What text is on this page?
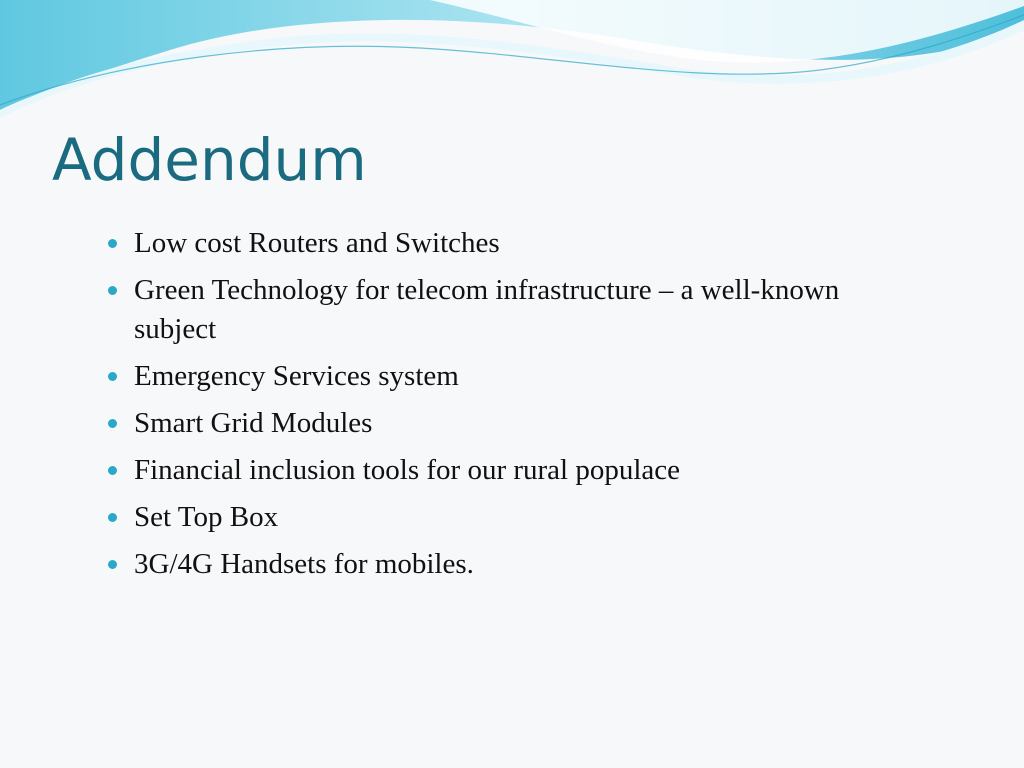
Addendum
Low cost Routers and Switches
Green Technology for telecom infrastructure – a well-known subject
Emergency Services system
Smart Grid Modules
Financial inclusion tools for our rural populace
Set Top Box
3G/4G Handsets for mobiles.
